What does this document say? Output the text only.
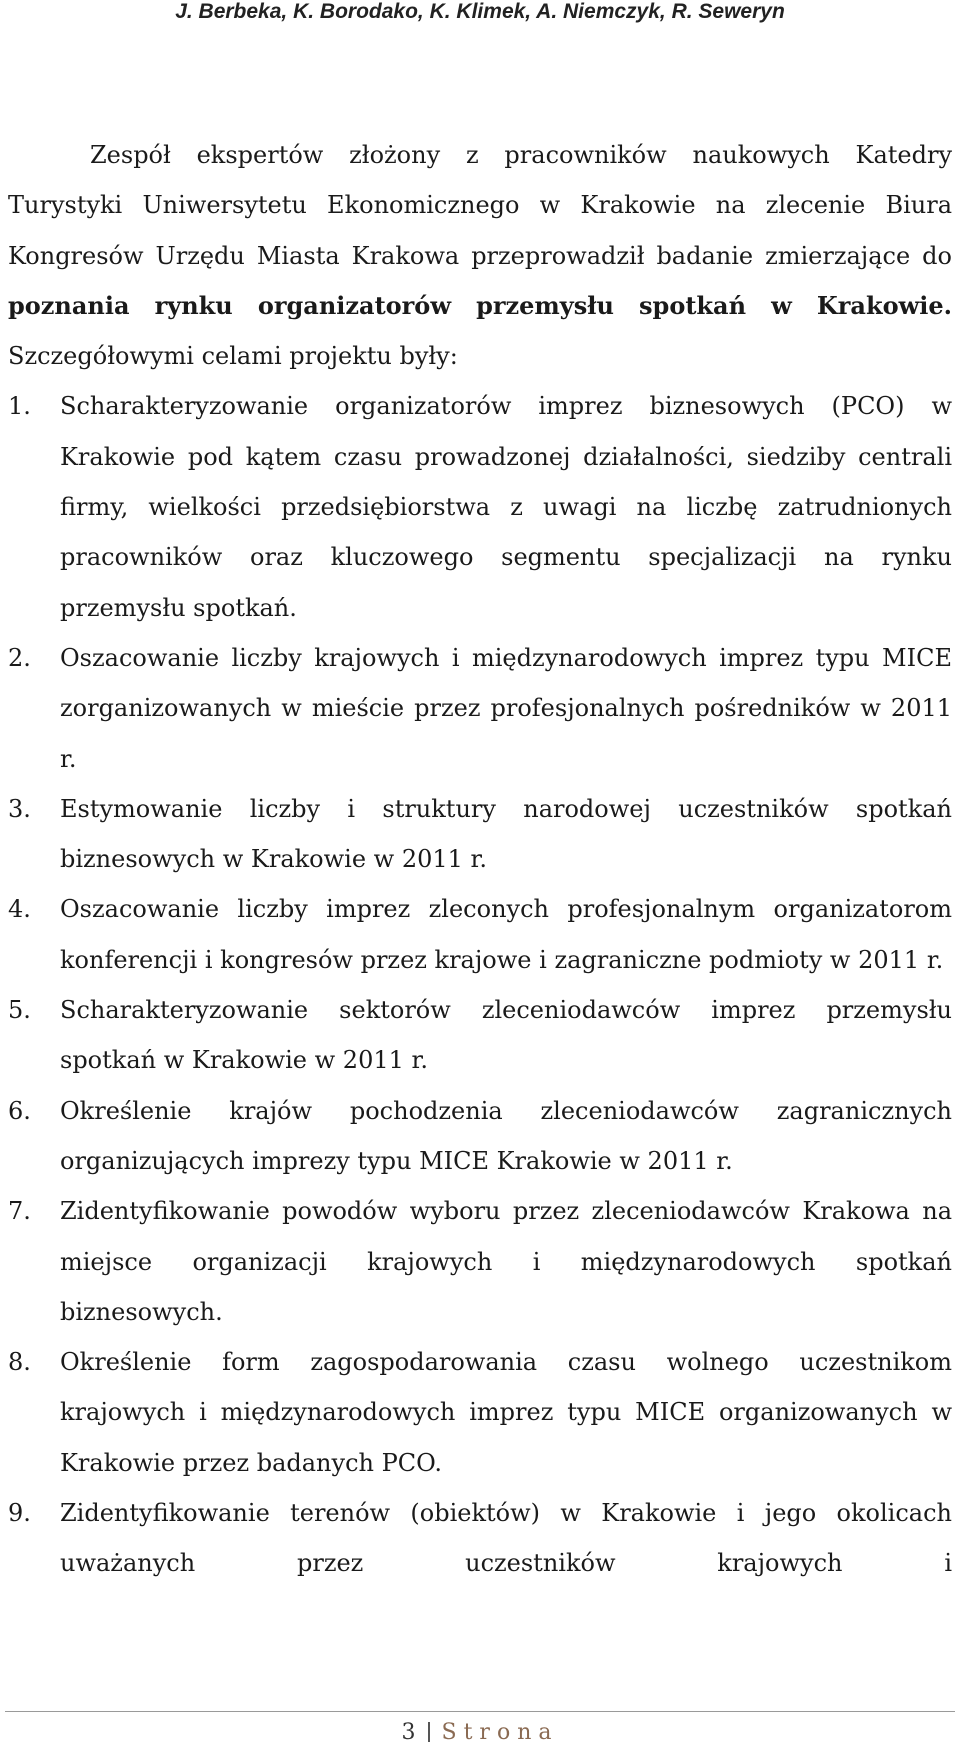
J. Berbeka, K. Borodako, K. Klimek, A. Niemczyk, R. Seweryn

Zespół ekspertów złożony z pracowników naukowych Katedry Turystyki Uniwersytetu Ekonomicznego w Krakowie na zlecenie Biura Kongresów Urzędu Miasta Krakowa przeprowadził badanie zmierzające do poznania rynku organizatorów przemysłu spotkań w Krakowie. Szczegółowymi celami projektu były:

1. Scharakteryzowanie organizatorów imprez biznesowych (PCO) w Krakowie pod kątem czasu prowadzonej działalności, siedziby centrali firmy, wielkości przedsiębiorstwa z uwagi na liczbę zatrudnionych pracowników oraz kluczowego segmentu specjalizacji na rynku przemysłu spotkań.
2. Oszacowanie liczby krajowych i międzynarodowych imprez typu MICE zorganizowanych w mieście przez profesjonalnych pośredników w 2011 r.
3. Estymowanie liczby i struktury narodowej uczestników spotkań biznesowych w Krakowie w 2011 r.
4. Oszacowanie liczby imprez zleconych profesjonalnym organizatorom konferencji i kongresów przez krajowe i zagraniczne podmioty w 2011 r.
5. Scharakteryzowanie sektorów zleceniodawców imprez przemysłu spotkań w Krakowie w 2011 r.
6. Określenie krajów pochodzenia zleceniodawców zagranicznych organizujących imprezy typu MICE Krakowie w 2011 r.
7. Zidentyfikowanie powodów wyboru przez zleceniodawców Krakowa na miejsce organizacji krajowych i międzynarodowych spotkań biznesowych.
8. Określenie form zagospodarowania czasu wolnego uczestnikom krajowych i międzynarodowych imprez typu MICE organizowanych w Krakowie przez badanych PCO.
9. Zidentyfikowanie terenów (obiektów) w Krakowie i jego okolicach uważanych przez uczestników krajowych i
3 Strona
